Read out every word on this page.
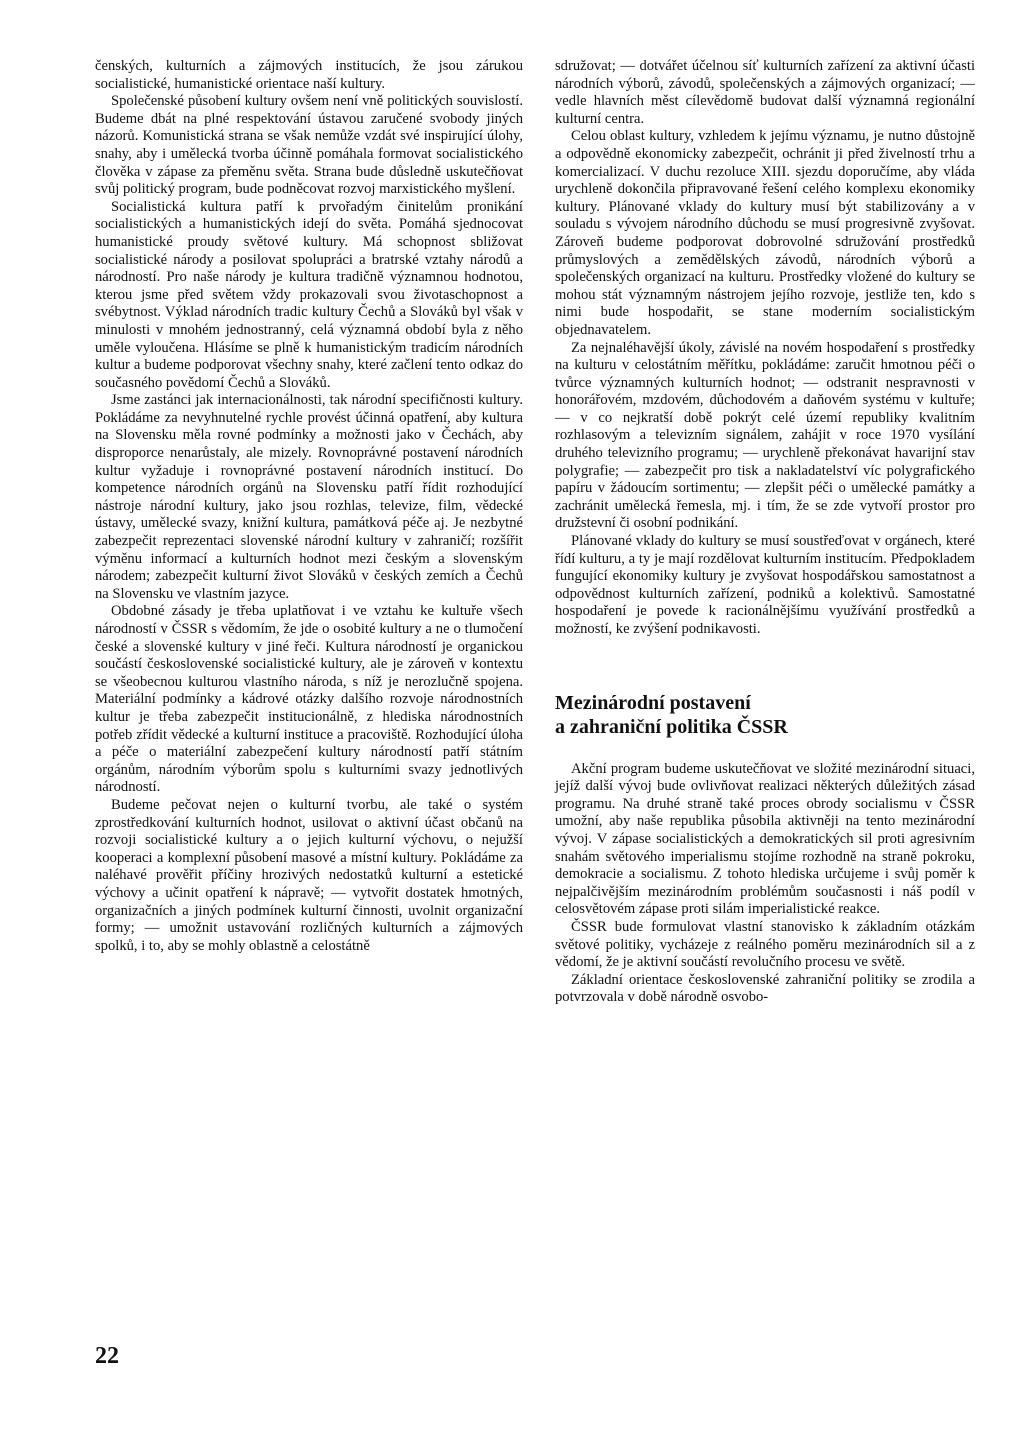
čenských, kulturních a zájmových institucích, že jsou zárukou socialistické, humanistické orientace naší kultury.

Společenské působení kultury ovšem není vně politických souvislostí. Budeme dbát na plné respektování ústavou zaručené svobody jiných názorů. Komunistická strana se však nemůže vzdát své inspirující úlohy, snahy, aby i umělecká tvorba účinně pomáhala formovat socialistického člověka v zápase za přeměnu světa. Strana bude důsledně uskutečňovat svůj politický program, bude podněcovat rozvoj marxistického myšlení.

Socialistická kultura patří k prvořadým činitelům pronikání socialistických a humanistických idejí do světa. Pomáhá sjednocovat humanistické proudy světové kultury. Má schopnost sbližovat socialistické národy a posilovat spolupráci a bratrské vztahy národů a národností. Pro naše národy je kultura tradičně významnou hodnotou, kterou jsme před světem vždy prokazovali svou životaschopnost a svébytnost. Výklad národních tradic kultury Čechů a Slováků byl však v minulosti v mnohém jednostranný, celá významná období byla z něho uměle vyloučena. Hlásíme se plně k humanistickým tradicím národních kultur a budeme podporovat všechny snahy, které začlení tento odkaz do současného povědomí Čechů a Slováků.

Jsme zastánci jak internacionálnosti, tak národní specifičnosti kultury. Pokládáme za nevyhnutelné rychle provést účinná opatření, aby kultura na Slovensku měla rovné podmínky a možnosti jako v Čechách, aby disproporce nenarůstaly, ale mizely. Rovnoprávné postavení národních kultur vyžaduje i rovnoprávné postavení národních institucí. Do kompetence národních orgánů na Slovensku patří řídit rozhodující nástroje národní kultury, jako jsou rozhlas, televize, film, vědecké ústavy, umělecké svazy, knižní kultura, památková péče aj. Je nezbytné zabezpečit reprezentaci slovenské národní kultury v zahraničí; rozšířit výměnu informací a kulturních hodnot mezi českým a slovenským národem; zabezpečit kulturní život Slováků v českých zemích a Čechů na Slovensku ve vlastním jazyce.

Obdobné zásady je třeba uplatňovat i ve vztahu ke kultuře všech národností v ČSSR s vědomím, že jde o osobité kultury a ne o tlumočení české a slovenské kultury v jiné řeči. Kultura národností je organickou součástí československé socialistické kultury, ale je zároveň v kontextu se všeobecnou kulturou vlastního národa, s níž je nerozlučně spojena. Materiální podmínky a kádrové otázky dalšího rozvoje národnostních kultur je třeba zabezpečit institucionálně, z hlediska národnostních potřeb zřídit vědecké a kulturní instituce a pracoviště. Rozhodující úloha a péče o materiální zabezpečení kultury národností patří státním orgánům, národním výborům spolu s kulturními svazy jednotlivých národností.

Budeme pečovat nejen o kulturní tvorbu, ale také o systém zprostředkování kulturních hodnot, usilovat o aktivní účast občanů na rozvoji socialistické kultury a o jejich kulturní výchovu, o nejužší kooperaci a komplexní působení masové a místní kultury. Pokládáme za naléhavé prověřit příčiny hrozivých nedostatků kulturní a estetické výchovy a učinit opatření k nápravě; — vytvořit dostatek hmotných, organizačních a jiných podmínek kulturní činnosti, uvolnit organizační formy; — umožnit ustavování rozličných kulturních a zájmových spolků, i to, aby se mohly oblastně a celostátně

sdružovat; — dotvářet účelnou síť kulturních zařízení za aktivní účasti národních výborů, závodů, společenských a zájmových organizací; — vedle hlavních měst cílevědomě budovat další významná regionální kulturní centra.

Celou oblast kultury, vzhledem k jejímu významu, je nutno důstojně a odpovědně ekonomicky zabezpečit, ochránit ji před živelností trhu a komercializací. V duchu rezoluce XIII. sjezdu doporučíme, aby vláda urychleně dokončila připravované řešení celého komplexu ekonomiky kultury. Plánované vklady do kultury musí být stabilizovány a v souladu s vývojem národního důchodu se musí progresivně zvyšovat. Zároveň budeme podporovat dobrovolné sdružování prostředků průmyslových a zemědělských závodů, národních výborů a společenských organizací na kulturu. Prostředky vložené do kultury se mohou stát významným nástrojem jejího rozvoje, jestliže ten, kdo s nimi bude hospodařit, se stane moderním socialistickým objednavatelem.

Za nejnaléhavější úkoly, závislé na novém hospodaření s prostředky na kulturu v celostátním měřítku, pokládáme: zaručit hmotnou péči o tvůrce významných kulturních hodnot; — odstranit nespravnosti v honorářovém, mzdovém, důchodovém a daňovém systému v kultuře; — v co nejkratší době pokrýt celé území republiky kvalitním rozhlasovým a televizním signálem, zahájit v roce 1970 vysílání druhého televizního programu; — urychleně překonávat havarijní stav polygrafie; — zabezpečit pro tisk a nakladatelství víc polygrafického papíru v žádoucím sortimentu; — zlepšit péči o umělecké památky a zachránit umělecká řemesla, mj. i tím, že se zde vytvoří prostor pro družstevní či osobní podnikání.

Plánované vklady do kultury se musí soustřeďovat v orgánech, které řídí kulturu, a ty je mají rozdělovat kulturním institucím. Předpokladem fungující ekonomiky kultury je zvyšovat hospodářskou samostatnost a odpovědnost kulturních zařízení, podniků a kolektivů. Samostatné hospodaření je povede k racionálnějšímu využívání prostředků a možností, ke zvýšení podnikavosti.

Mezinárodní postavení
a zahraniční politika ČSSR

Akční program budeme uskutečňovat ve složité mezinárodní situaci, jejíž další vývoj bude ovlivňovat realizaci některých důležitých zásad programu. Na druhé straně také proces obrody socialismu v ČSSR umožní, aby naše republika působila aktivněji na tento mezinárodní vývoj. V zápase socialistických a demokratických sil proti agresivním snahám světového imperialismu stojíme rozhodně na straně pokroku, demokracie a socialismu. Z tohoto hlediska určujeme i svůj poměr k nejpalčivějším mezinárodním problémům současnosti i náš podíl v celosvětovém zápase proti silám imperialistické reakce.

ČSSR bude formulovat vlastní stanovisko k základním otázkám světové politiky, vycházeje z reálného poměru mezinárodních sil a z vědomí, že je aktivní součástí revolučního procesu ve světě.

Základní orientace československé zahraniční politiky se zrodila a potvrzovala v době národně osvobo-

22
